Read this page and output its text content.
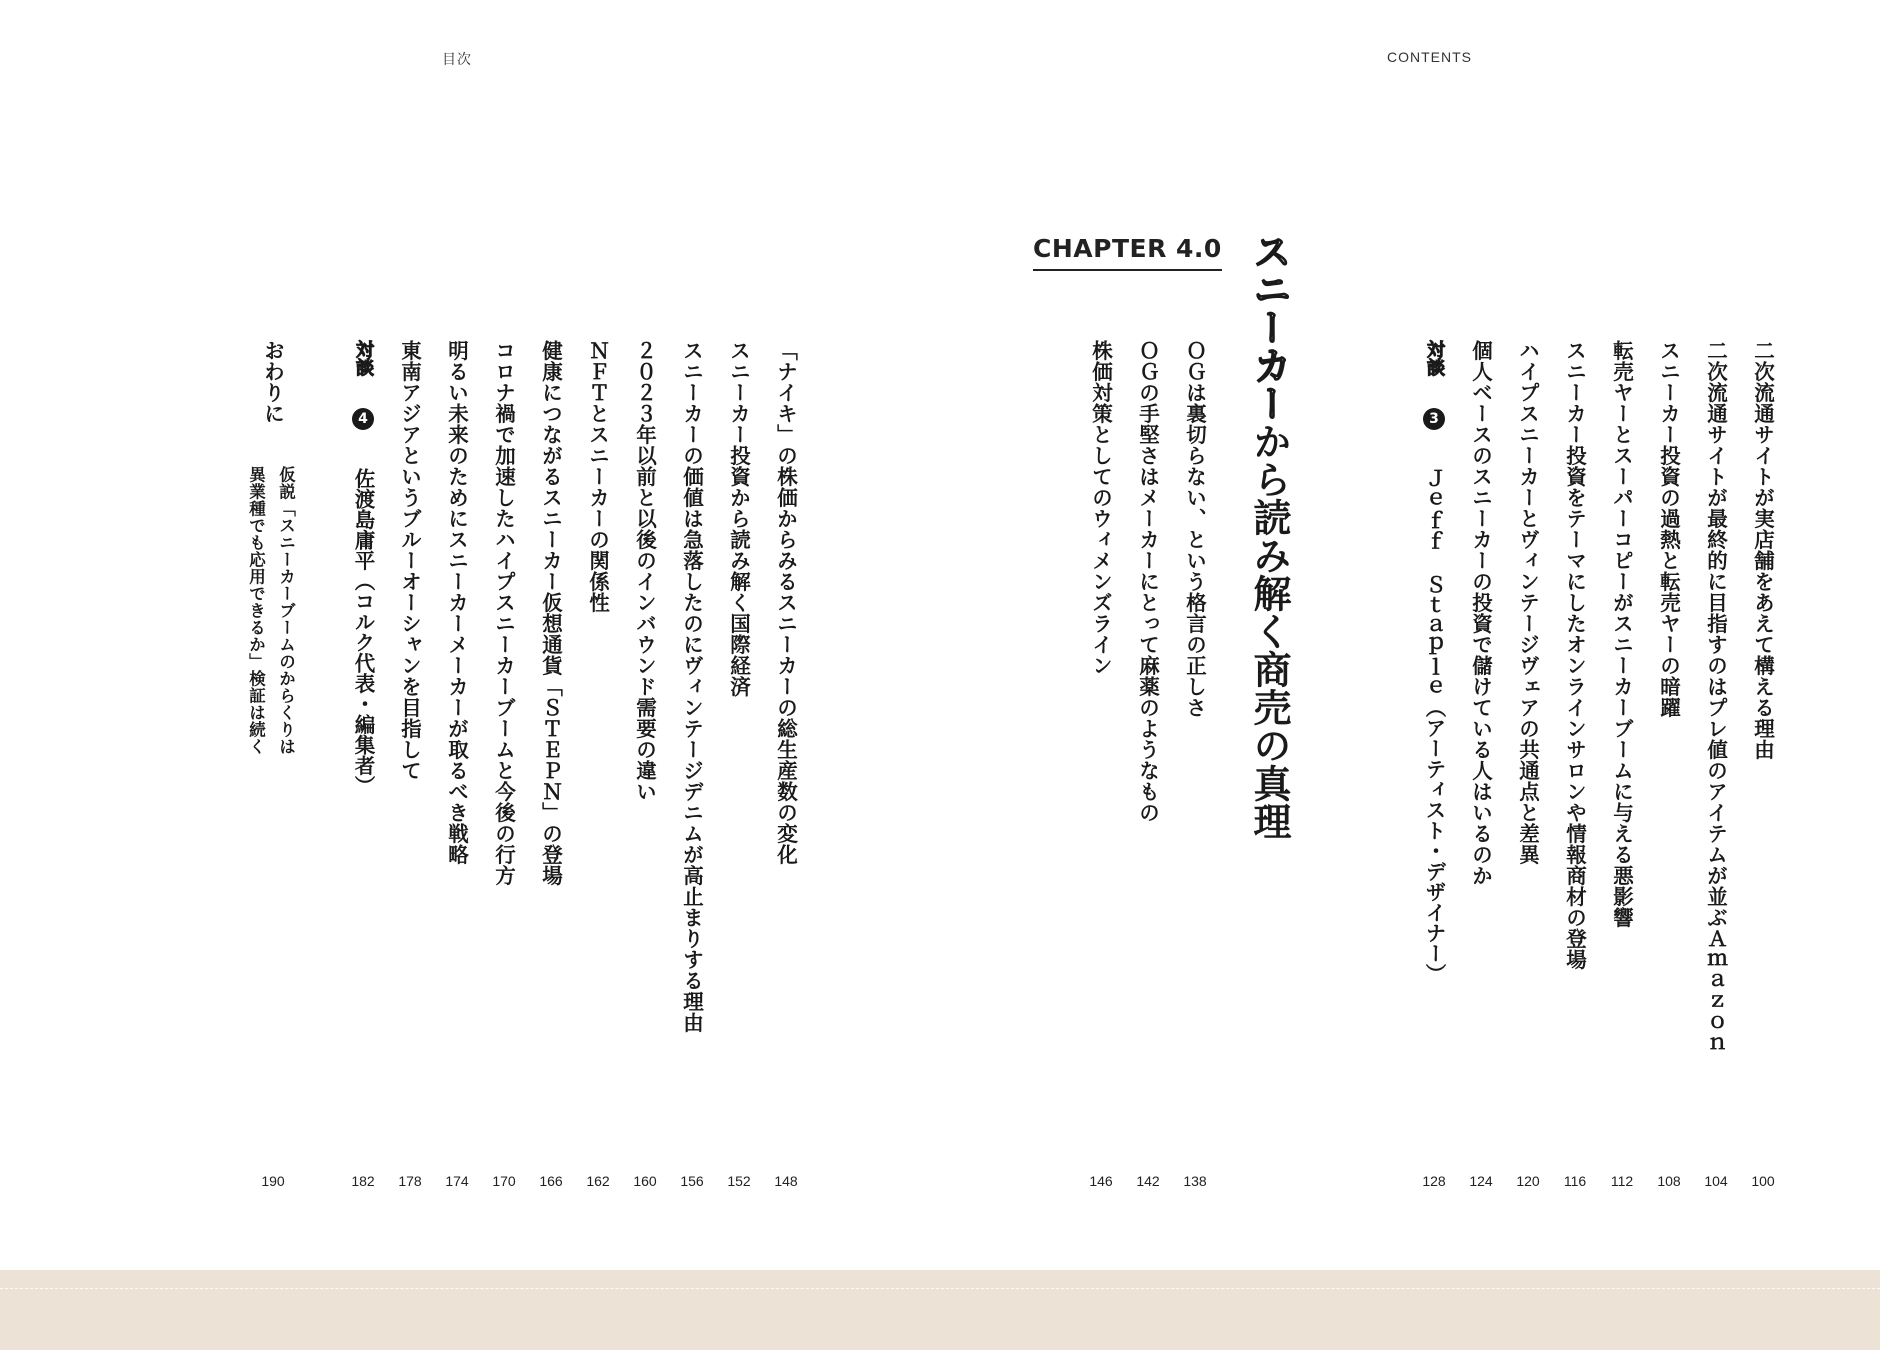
目次	CONTENTS
二次流通サイトが実店舗をあえて構える理由
二次流通サイトが最終的に目指すのはプレ値のアイテムが並ぶＡｍａｚｏｎ
スニーカー投資の過熱と転売ヤーの暗躍
転売ヤーとスーパーコピーがスニーカーブームに与える悪影響
スニーカー投資をテーマにしたオンラインサロンや情報商材の登場
ハイプスニーカーとヴィンテージヴェアの共通点と差異
個人ベースのスニーカーの投資で儲けている人はいるのか
対談 3 Ｊｅｆｆ Ｓｔａｐｌｅ（アーティスト・デザイナー）
CHAPTER 4.0 スニーカーから読み解く商売の真理
ＯＧは裏切らない、という格言の正しさ
ＯＧの手堅さはメーカーにとって麻薬のようなもの
株価対策としてのウィメンズライン
「ナイキ」の株価からみるスニーカーの総生産数の変化
スニーカー投資から読み解く国際経済
スニーカーの価値は急落したのにヴィンテージデニムが高止まりする理由
２０２３年以前と以後のインバウンド需要の違い
ＮＦＴとスニーカーの関係性
健康につながるスニーカー仮想通貨「ＳＴＥＰＮ」の登場
コロナ禍で加速したハイプスニーカーブームと今後の行方
明るい未来のためにスニーカーメーカーが取るべき戦略
東南アジアというブルーオーシャンを目指して
対談 4 佐渡島庸平（コルク代表・編集者）
おわりに
仮説「スニーカーブームのからくりは
異業種でも応用できるか」検証は続く
100
104
108
112
116
120
124
128
138
142
146
148
152
156
160
162
166
170
174
178
182
190
